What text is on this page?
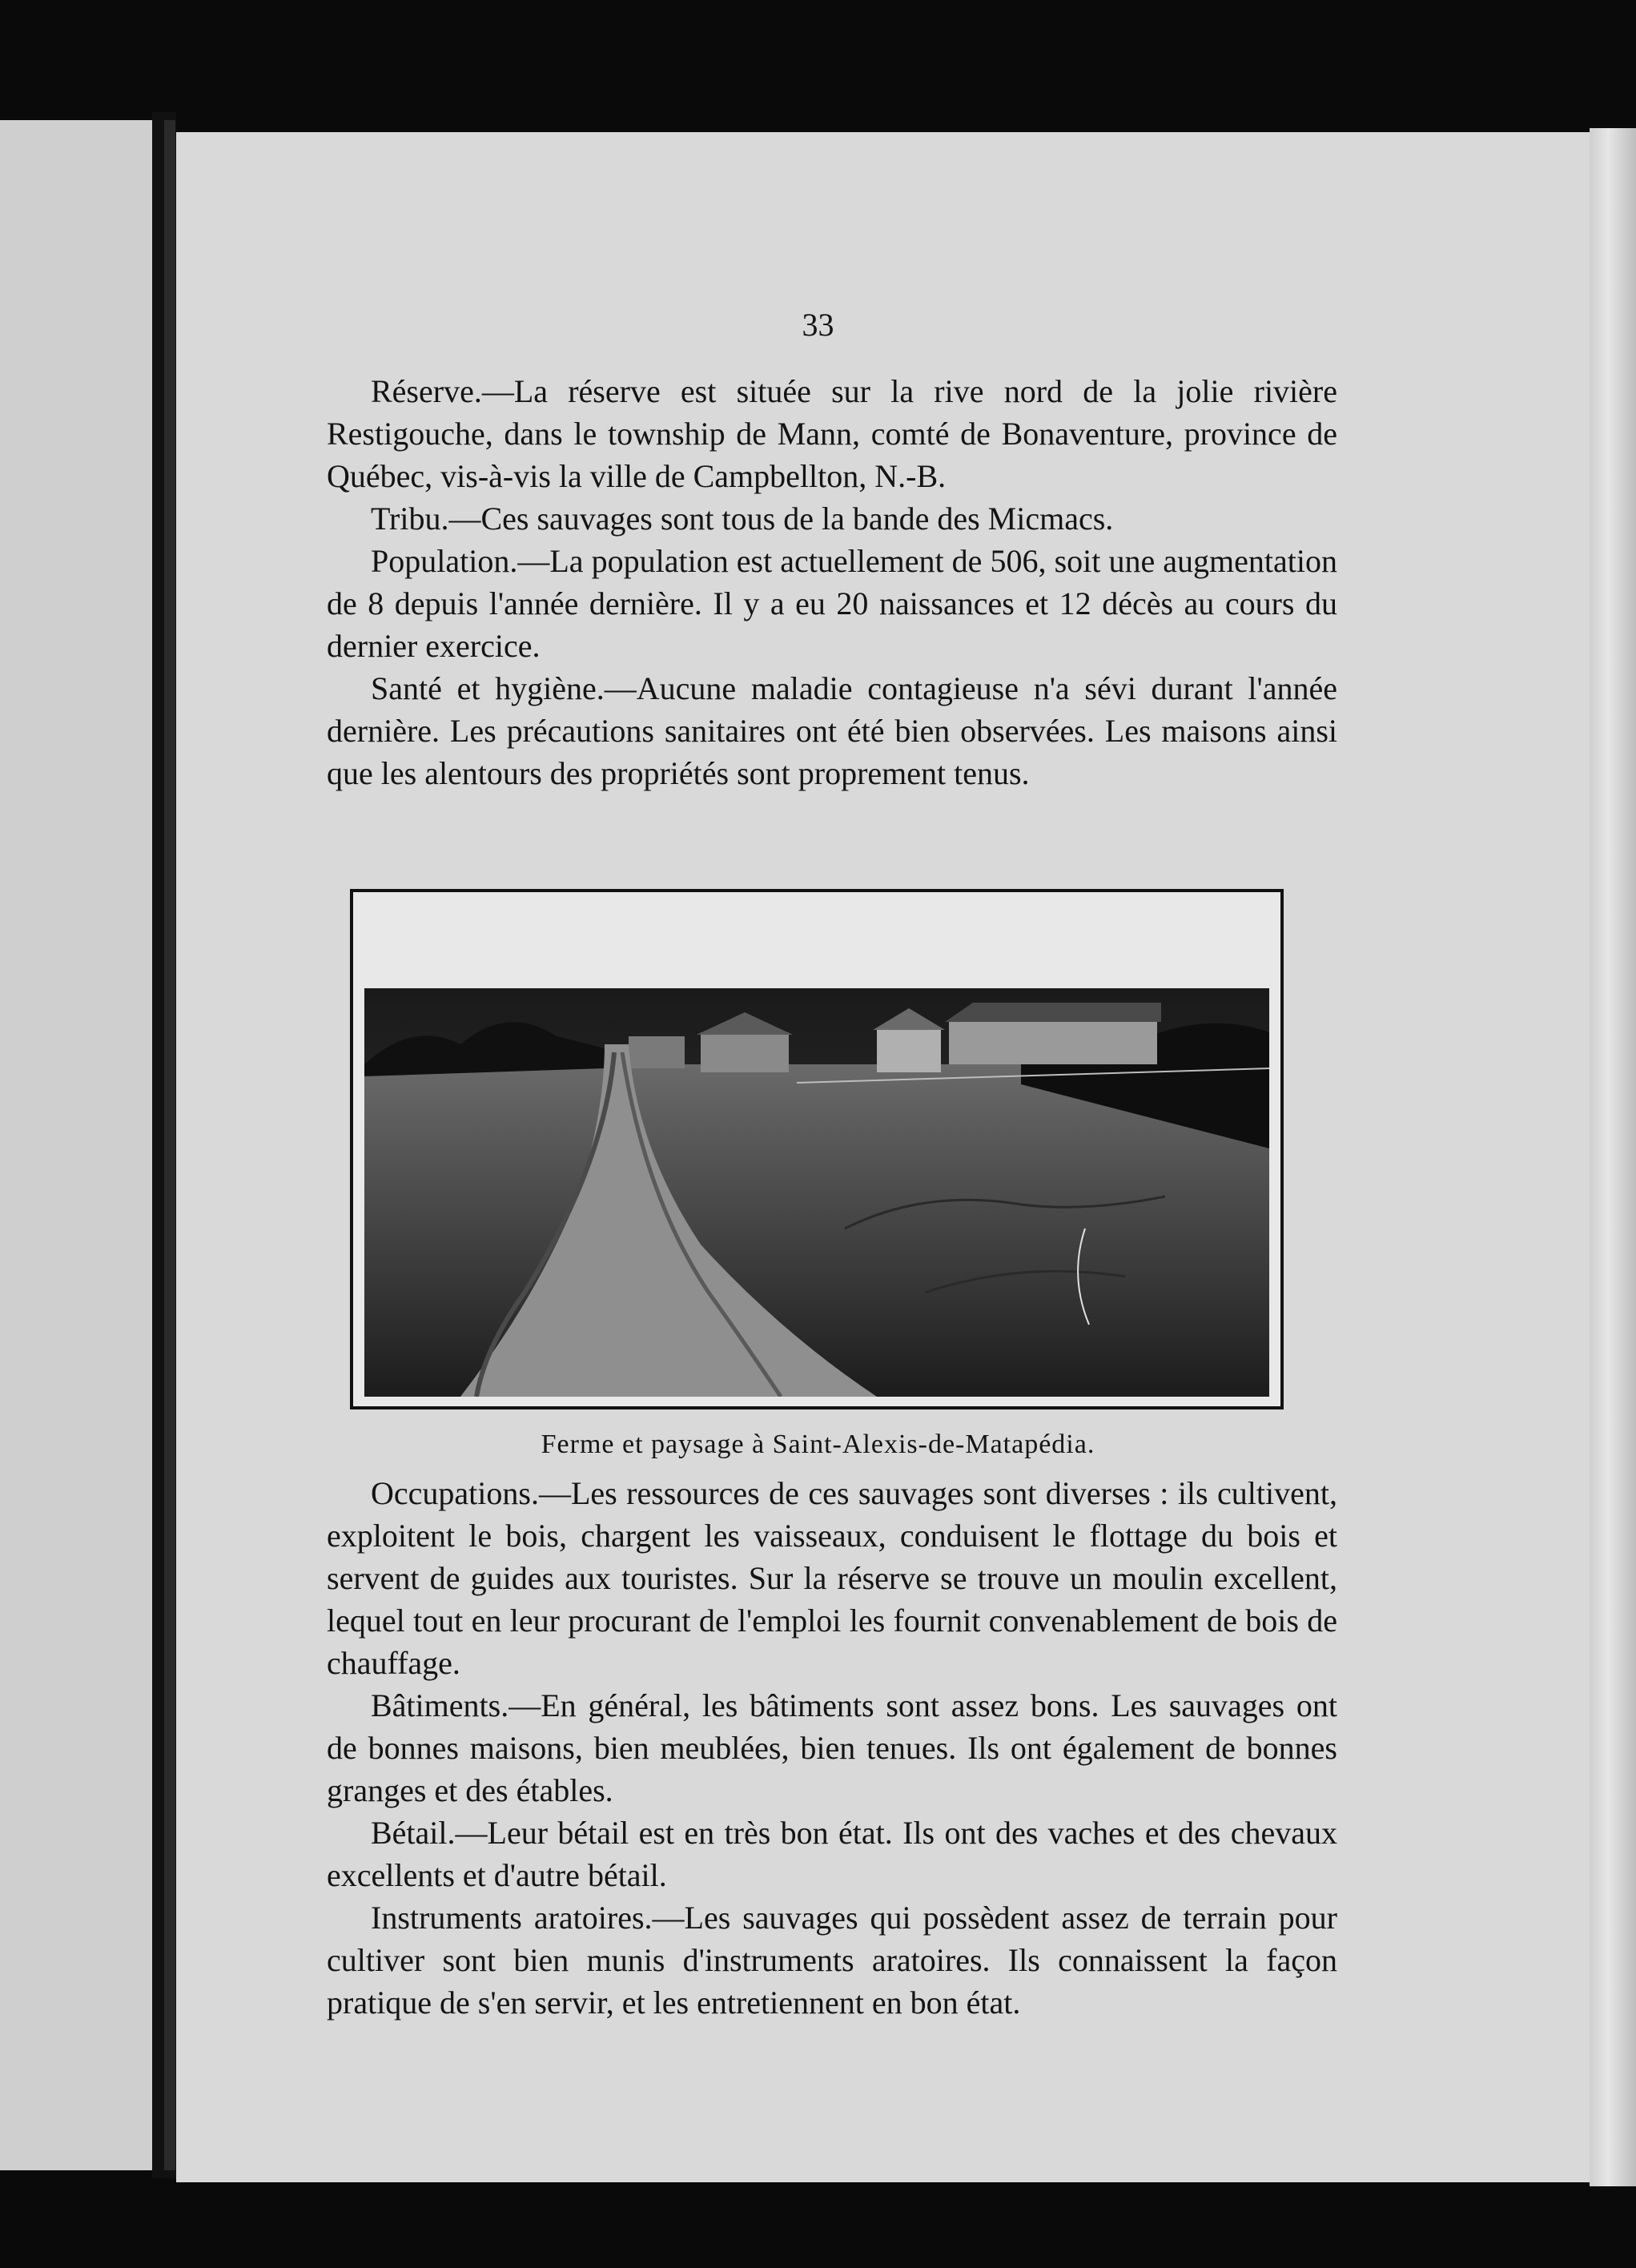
33

Réserve.—La réserve est située sur la rive nord de la jolie rivière Restigouche, dans le township de Mann, comté de Bonaventure, province de Québec, vis-à-vis la ville de Campbellton, N.-B.

Tribu.—Ces sauvages sont tous de la bande des Micmacs.

Population.—La population est actuellement de 506, soit une augmentation de 8 depuis l'année dernière. Il y a eu 20 naissances et 12 décès au cours du dernier exercice.

Santé et hygiène.—Aucune maladie contagieuse n'a sévi durant l'année dernière. Les précautions sanitaires ont été bien observées. Les maisons ainsi que les alentours des propriétés sont proprement tenus.

Ferme et paysage à Saint-Alexis-de-Matapédia.

Occupations.—Les ressources de ces sauvages sont diverses : ils cultivent, exploitent le bois, chargent les vaisseaux, conduisent le flottage du bois et servent de guides aux touristes. Sur la réserve se trouve un moulin excellent, lequel tout en leur procurant de l'emploi les fournit convenablement de bois de chauffage.

Bâtiments.—En général, les bâtiments sont assez bons. Les sauvages ont de bonnes maisons, bien meublées, bien tenues. Ils ont également de bonnes granges et des étables.

Bétail.—Leur bétail est en très bon état. Ils ont des vaches et des chevaux excellents et d'autre bétail.

Instruments aratoires.—Les sauvages qui possèdent assez de terrain pour cultiver sont bien munis d'instruments aratoires. Ils connaissent la façon pratique de s'en servir, et les entretiennent en bon état.
